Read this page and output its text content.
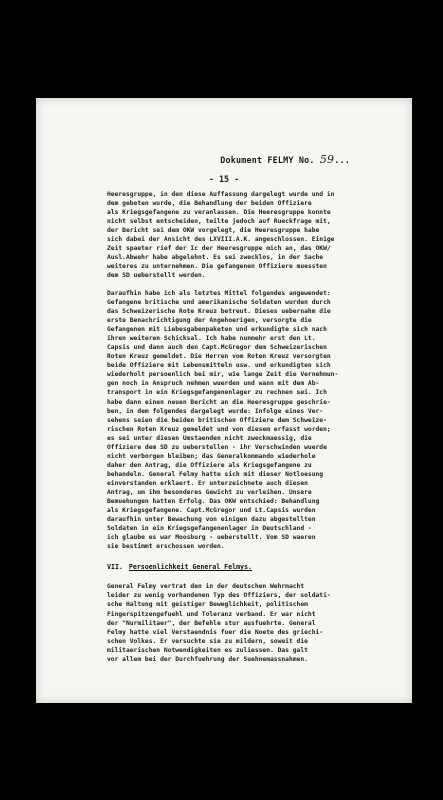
Dokument FELMY No. 59...
- 15 -
Heeresgruppe, in den diese Auffassung dargelegt wurde und in
dem gebeten wurde, die Behandlung der beiden Offiziere
als Kriegsgefangene zu veranlassen. Die Heeresgruppe konnte
nicht selbst entscheiden, teilte jedoch auf Rueckfrage mit,
der Bericht sei dem OKW vorgelegt, die Heeresgruppe habe
sich dabei der Ansicht des LXVIII.A.K. angeschlossen. Einige
Zeit spaeter rief der Ic der Heeresgruppe mich an, das OKW/
Ausl.Abwehr habe abgelehnt. Es sei zwecklos, in der Sache
weiteres zu unternehmen. Die gefangenen Offiziere muessten
dem SD ueberstellt werden.
Daraufhin habe ich als letztes Mittel folgendes angewendet:
Gefangene britische und amerikanische Soldaten wurden durch
das Schweizerische Rote Kreuz betreut. Dieses uebernahm die
erste Benachrichtigung der Angehoerigen, versorgte die
Gefangenen mit Liebesgabenpaketen und erkundigte sich nach
ihren weiteren Schicksal. Ich habe nunmehr erst den Lt.
Capsis und dann auch den Capt.McGregor dem Schweizerischen
Roten Kreuz gemeldet. Die Herren vom Roten Kreuz versorgten
beide Offiziere mit Lebensmitteln usw. und erkundigten sich
wiederholt persoenlich bei mir, wie lange Zeit die Vernehmun-
gen noch in Anspruch nehmen wuerden und wann mit dem Ab-
transport in ein Kriegsgefangenenlager zu rechnen sei. Ich
habe dann einen neuen Bericht an die Heeresgruppe geschrie-
ben, in dem folgendes dargelegt wurde: Infolge eines Ver-
sehens seien die beiden britischen Offiziere dem Schweize-
rischen Roten Kreuz gemeldet und von diesem erfasst worden;
es sei unter diesen Umstaenden nicht zweckmaessig, die
Offiziere dem SD zu ueberstellen - ihr Verschwinden wuerde
nicht verborgen bleiben; das Generalkommando wiederhole
daher den Antrag, die Offiziere als Kriegsgefangene zu
behandeln. General Felmy hatte sich mit dieser Notloesung
einverstanden erklaert. Er unterzeichnete auch diesen
Antrag, um ihm besonderes Gewicht zu verleihen. Unsere
Bemuehungen hatten Erfolg. Das OKW entschied: Behandlung
als Kriegsgefangene. Capt.McGregor und Lt.Capsis wurden
daraufhin unter Bewachung von einigen dazu abgestellten
Soldaten in ein Kriegsgefangenenlager in Deutschland -
ich glaube es war Moosburg - ueberstellt. Vom SD waeren
sie bestimmt erschossen worden.
VII. Persoenlichkeit General Felmys.
General Felmy vertrat den in der deutschen Wehrmacht
leider zu wenig vorhandenen Typ des Offiziers, der soldati-
sche Haltung mit geistiger Beweglichkeit, politischem
Fingerspitzengefuehl und Toleranz verband. Er war nicht
der "Nurmilitaer", der Befehle stur ausfuehrte. General
Felmy hatte viel Verstaendnis fuer die Noete des griechi-
schen Volkes. Er versuchte sie zu mildern, soweit die
militaerischen Notwendigkeiten es zuliessen. Das galt
vor allem bei der Durchfuehrung der Suehnemassnahmen.
